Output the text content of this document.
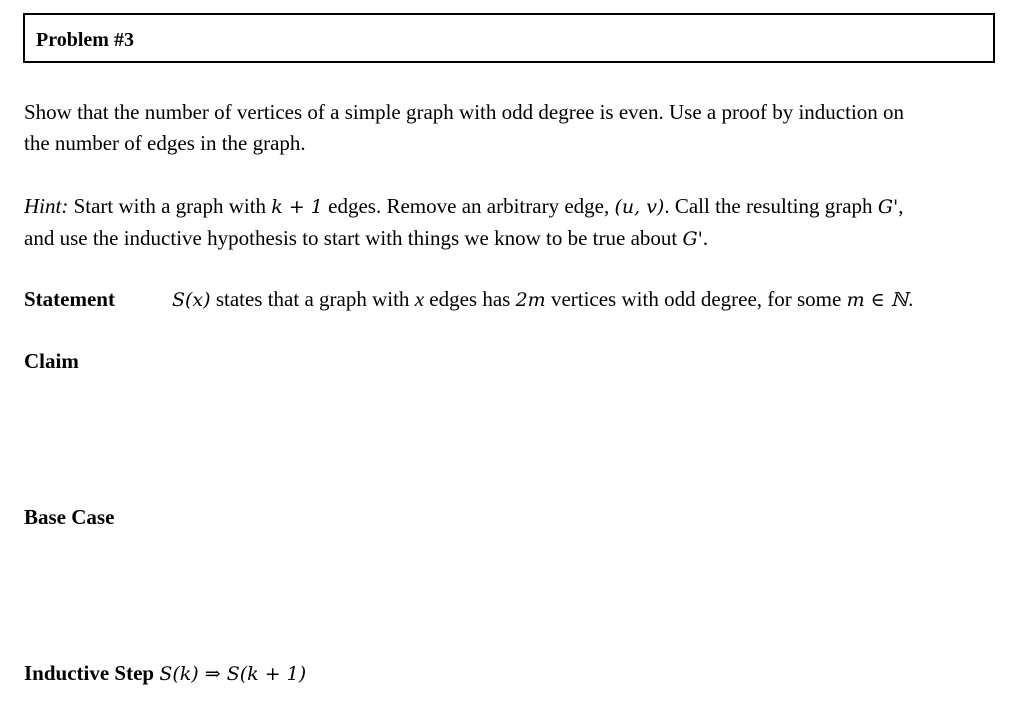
Problem #3

Show that the number of vertices of a simple graph with odd degree is even. Use a proof by induction on

the number of edges in the graph.

Hint: Start with a graph with k + 1 edges. Remove an arbitrary edge, (u, v). Call the resulting graph G',

and use the inductive hypothesis to start with things we know to be true about G'.

Statement	S(x) states that a graph with x edges has 2m vertices with odd degree, for some m ∈ ℕ.
Claim
Base Case
Inductive Step S(k) ⇒ S(k + 1)
